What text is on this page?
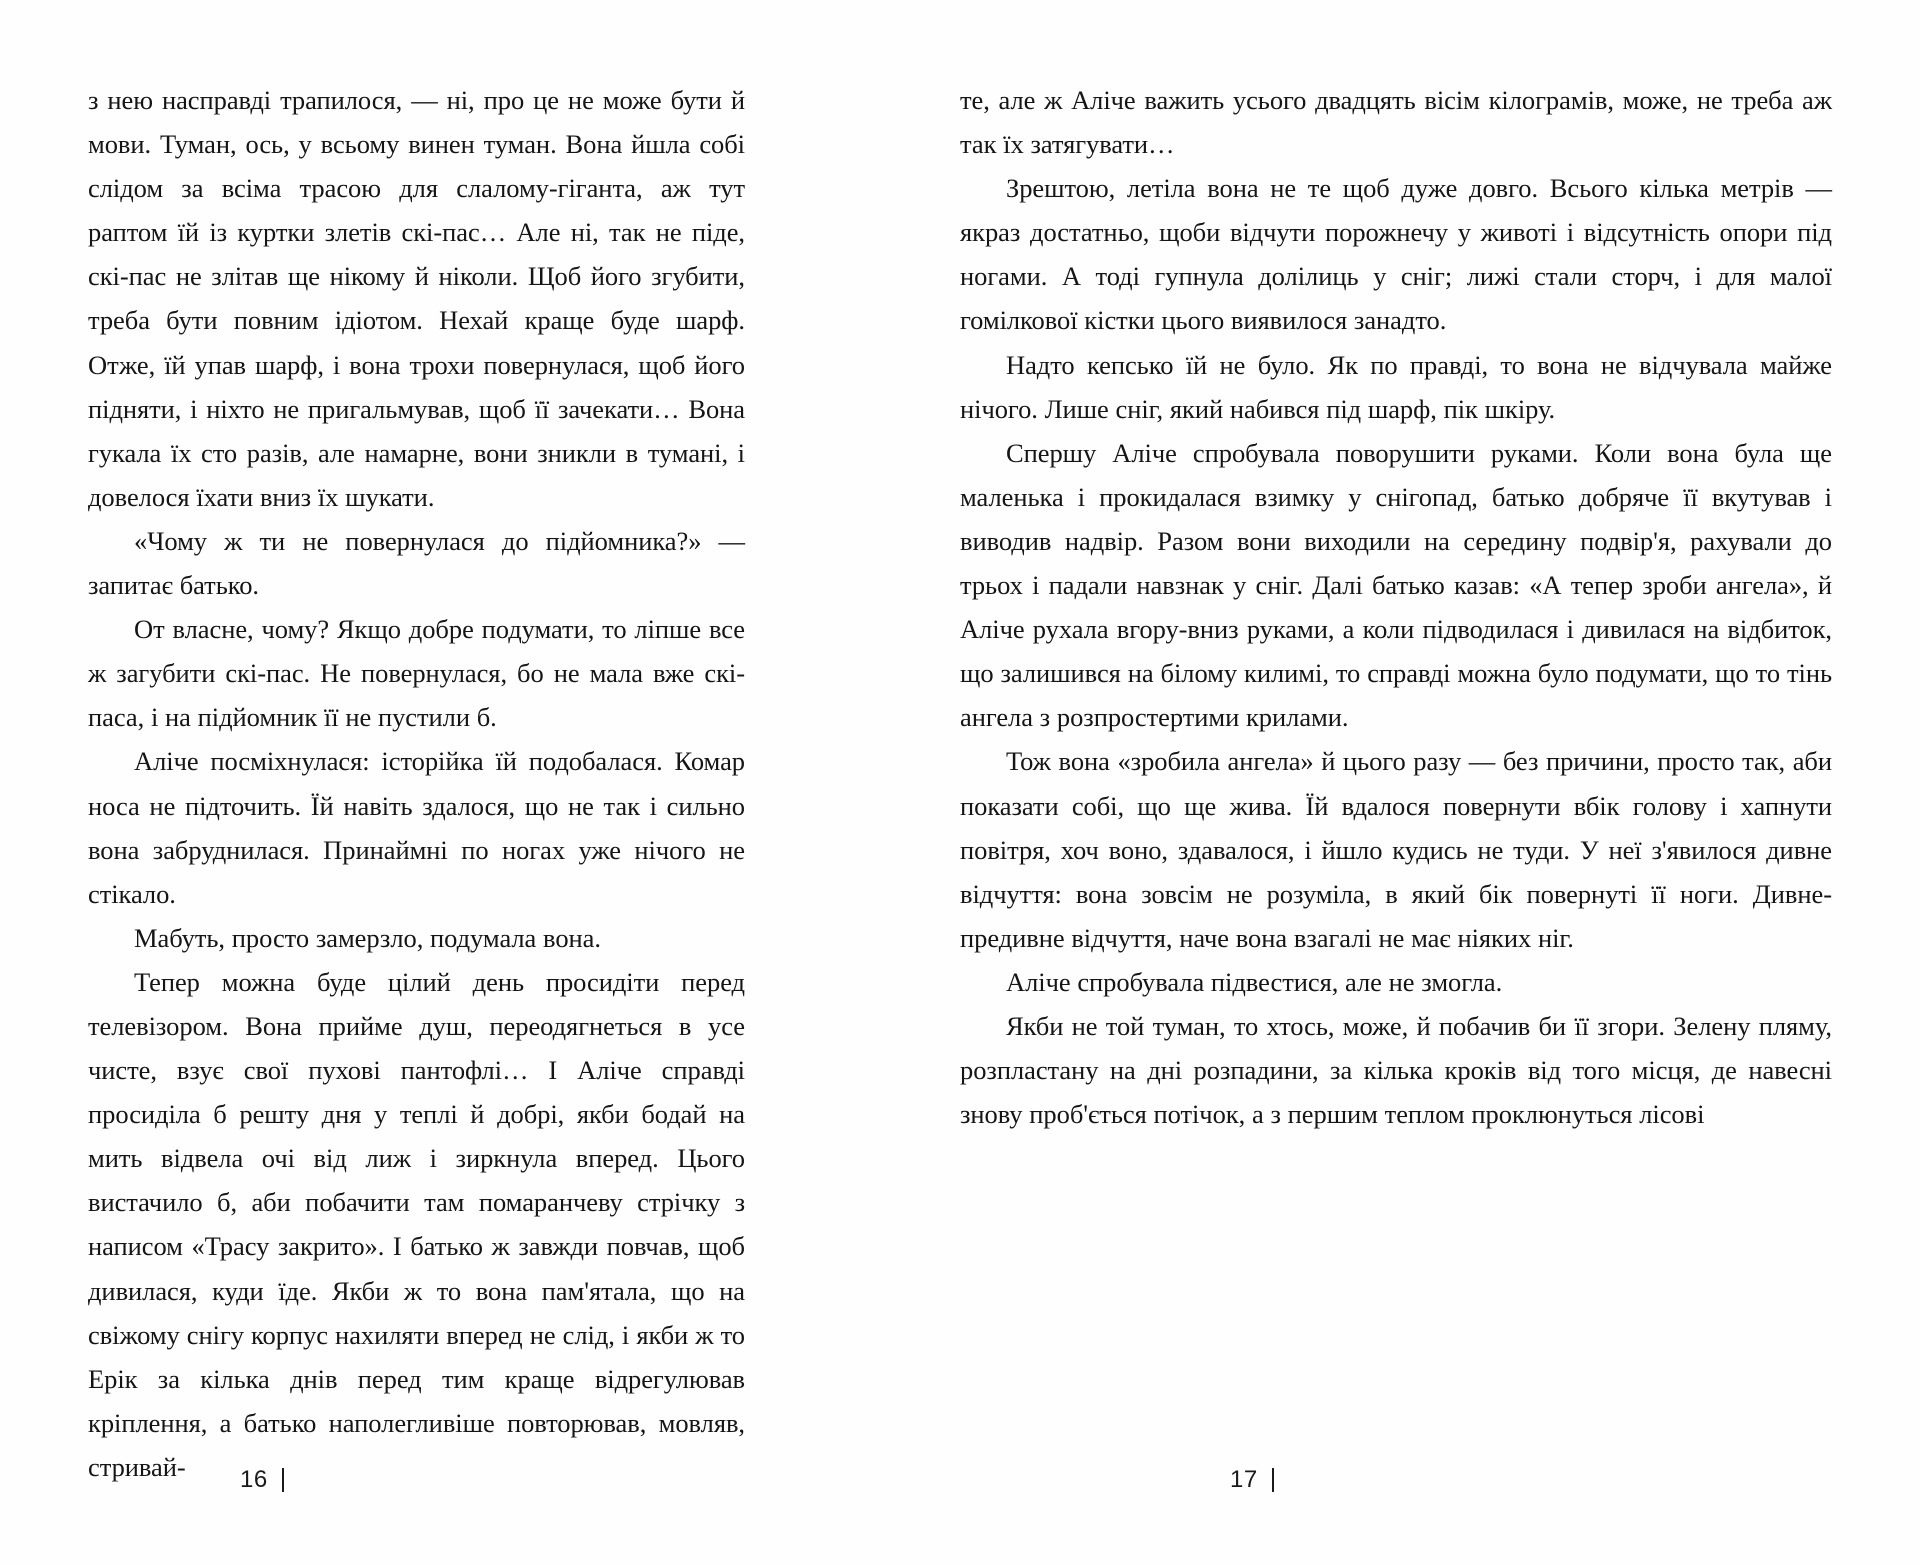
з нею насправді трапилося, — ні, про це не може бути й мови. Туман, ось, у всьому винен туман. Вона йшла собі слідом за всіма трасою для слалому-гіганта, аж тут раптом їй із куртки злетів скі-пас… Але ні, так не піде, скі-пас не злітав ще нікому й ніколи. Щоб його згубити, треба бути повним ідіотом. Нехай краще буде шарф. Отже, їй упав шарф, і вона трохи повернулася, щоб його підняти, і ніхто не пригальмував, щоб її зачекати… Вона гукала їх сто разів, але намарне, вони зникли в тумані, і довелося їхати вниз їх шукати.

«Чому ж ти не повернулася до підйомника?» — запитає батько.

От власне, чому? Якщо добре подумати, то ліпше все ж загубити скі-пас. Не повернулася, бо не мала вже скі-паса, і на підйомник її не пустили б.

Аліче посміхнулася: історійка їй подобалася. Комар носа не підточить. Їй навіть здалося, що не так і сильно вона забруднилася. Принаймні по ногах уже нічого не стікало.

Мабуть, просто замерзло, подумала вона.

Тепер можна буде цілий день просидіти перед телевізором. Вона прийме душ, переодягнеться в усе чисте, взує свої пухові пантофлі… І Аліче справді просиділа б решту дня у теплі й добрі, якби бодай на мить відвела очі від лиж і зиркнула вперед. Цього вистачило б, аби побачити там помаранчеву стрічку з написом «Трасу закрито». І батько ж завжди повчав, щоб дивилася, куди їде. Якби ж то вона пам'ятала, що на свіжому снігу корпус нахиляти вперед не слід, і якби ж то Ерік за кілька днів перед тим краще відрегулював кріплення, а батько наполегливіше повторював, мовляв, стривай-

те, але ж Аліче важить усього двадцять вісім кілограмів, може, не треба аж так їх затягувати…

Зрештою, летіла вона не те щоб дуже довго. Всього кілька метрів — якраз достатньо, щоби відчути порожнечу у животі і відсутність опори під ногами. А тоді гупнула долілиць у сніг; лижі стали сторч, і для малої гомілкової кістки цього виявилося занадто.

Надто кепсько їй не було. Як по правді, то вона не відчувала майже нічого. Лише сніг, який набився під шарф, пік шкіру.

Спершу Аліче спробувала поворушити руками. Коли вона була ще маленька і прокидалася взимку у снігопад, батько добряче її вкутував і виводив надвір. Разом вони виходили на середину подвір'я, рахували до трьох і падали навзнак у сніг. Далі батько казав: «А тепер зроби ангела», й Аліче рухала вгору-вниз руками, а коли підводилася і дивилася на відбиток, що залишився на білому килимі, то справді можна було подумати, що то тінь ангела з розпростертими крилами.

Тож вона «зробила ангела» й цього разу — без причини, просто так, аби показати собі, що ще жива. Їй вдалося повернути вбік голову і хапнути повітря, хоч воно, здавалося, і йшло кудись не туди. У неї з'явилося дивне відчуття: вона зовсім не розуміла, в який бік повернуті її ноги. Дивне-предивне відчуття, наче вона взагалі не має ніяких ніг.

Аліче спробувала підвестися, але не змогла.

Якби не той туман, то хтось, може, й побачив би її згори. Зелену пляму, розпластану на дні розпадини, за кілька кроків від того місця, де навесні знову проб'ється потічок, а з першим теплом проклюнуться лісові

16	17
